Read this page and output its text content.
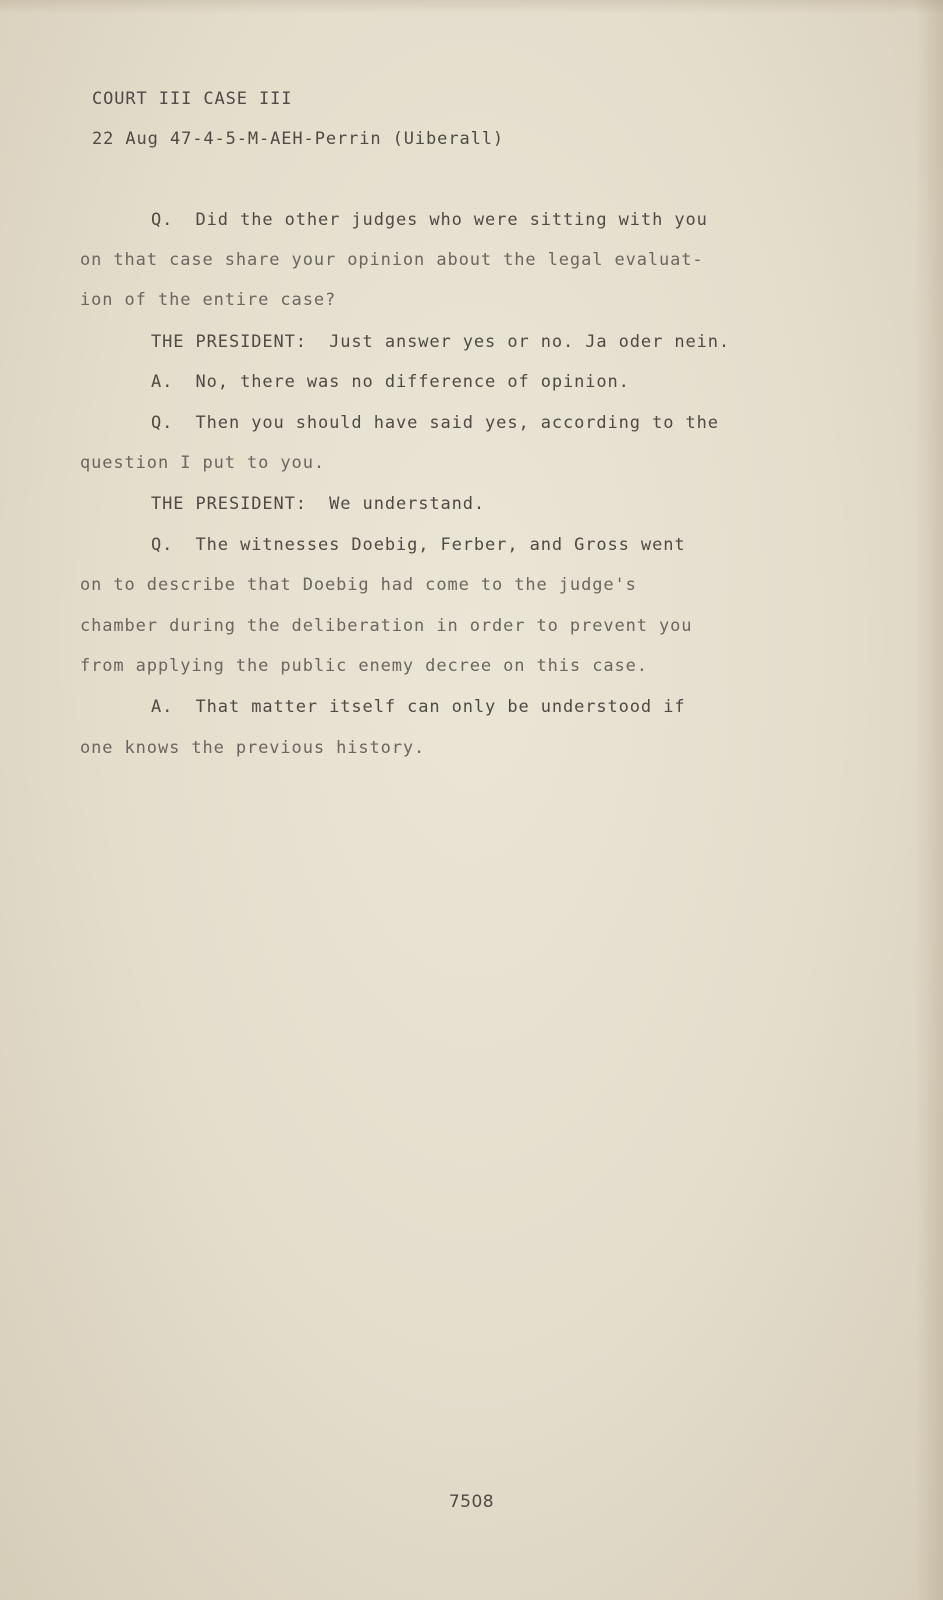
COURT III CASE III
22 Aug 47-4-5-M-AEH-Perrin (Uiberall)
Q.  Did the other judges who were sitting with you
on that case share your opinion about the legal evaluat-
ion of the entire case?
THE PRESIDENT:  Just answer yes or no. Ja oder nein.
A.  No, there was no difference of opinion.
Q.  Then you should have said yes, according to the
question I put to you.
THE PRESIDENT:  We understand.
Q.  The witnesses Doebig, Ferber, and Gross went
on to describe that Doebig had come to the judge's
chamber during the deliberation in order to prevent you
from applying the public enemy decree on this case.
A.  That matter itself can only be understood if
one knows the previous history.
7508
